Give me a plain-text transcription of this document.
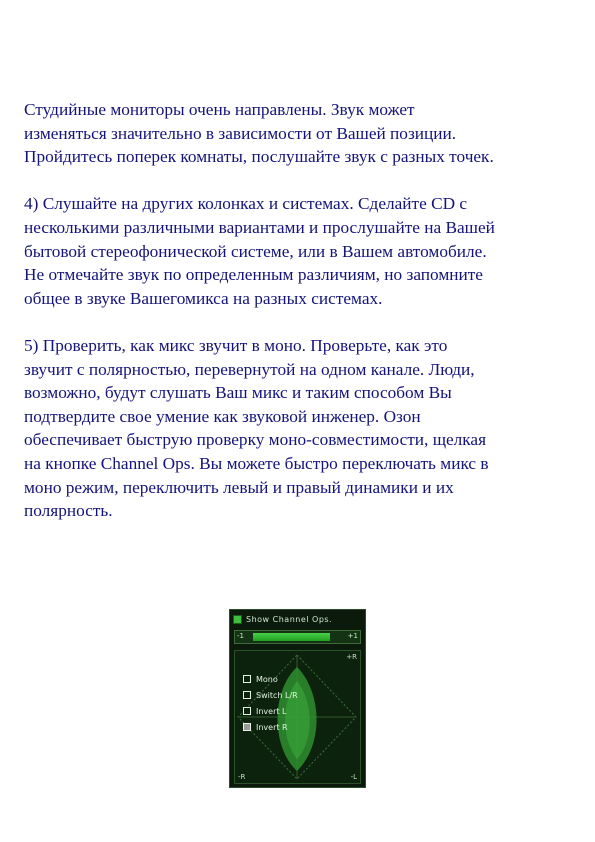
Студийные мониторы очень направлены. Звук может
изменяться значительно в зависимости от Вашей позиции.
Пройдитесь поперек комнаты, послушайте звук с разных точек.

4) Слушайте на других колонках и системах. Сделайте CD с
несколькими различными вариантами и прослушайте на Вашей
бытовой стереофонической системе, или в Вашем автомобиле.
Не отмечайте звук по определенным различиям, но запомните
общее в звуке Вашегомикса на разных системах.

5) Проверить, как микс звучит в моно. Проверьте, как это
звучит с полярностью, перевернутой на одном канале. Люди,
возможно, будут слушать Ваш микс и таким способом Вы
подтвердите свое умение как звуковой инженер. Озон
обеспечивает быструю проверку моно-совместимости, щелкая
на кнопке Channel Ops. Вы можете быстро переключать микс в
моно режим, переключить левый и правый динамики и их
полярность.

Show Channel Ops.
-1	+1
+R
-R	-L
Mono
Switch L/R
Invert L
Invert R
